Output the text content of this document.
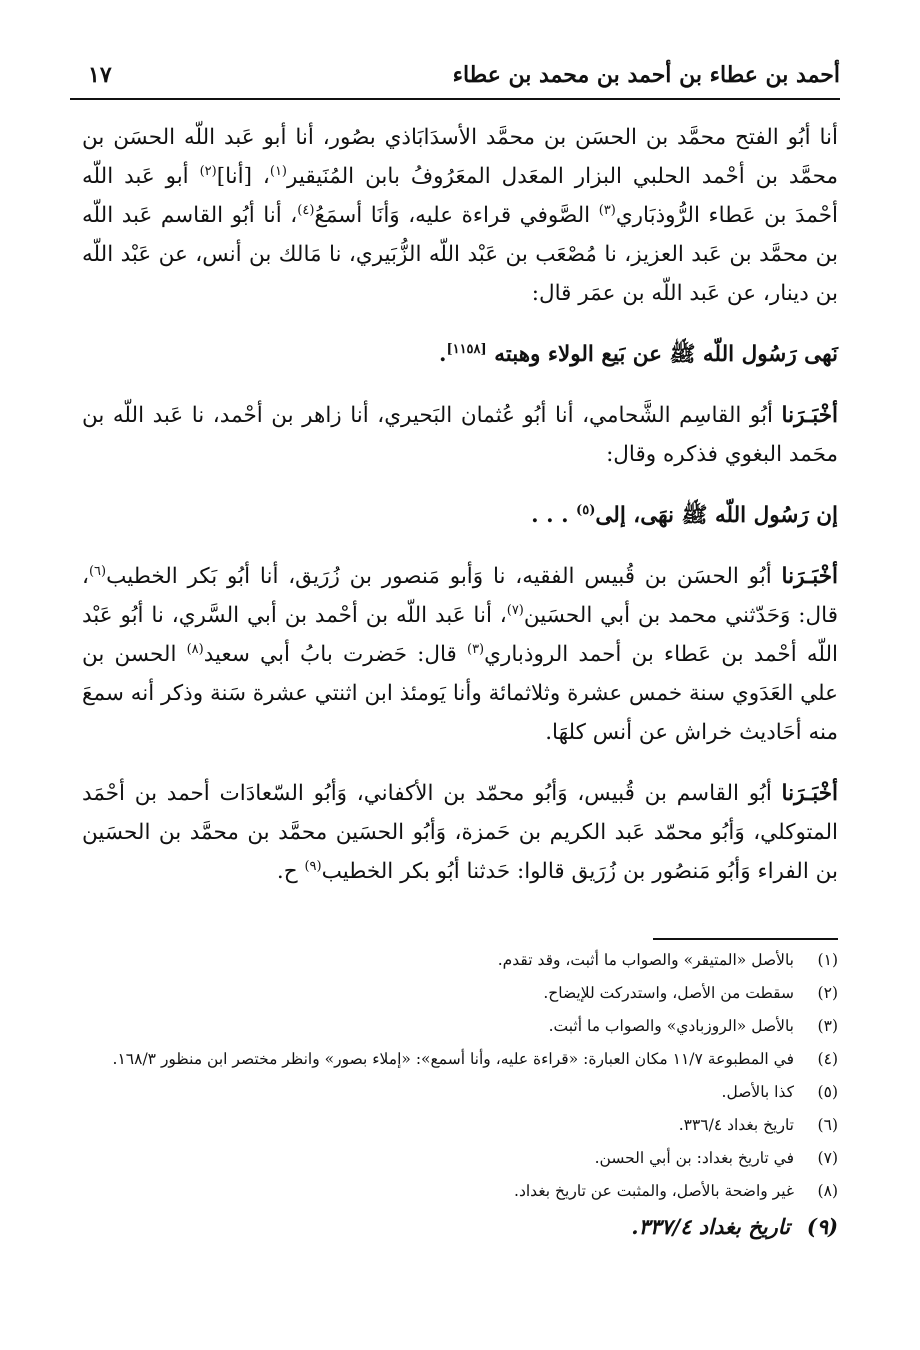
أحمد بن عطاء بن أحمد بن محمد بن عطاء
١٧

أنا أبُو الفتح محمَّد بن الحسَن بن محمَّد الأسدَابَاذي بصُور، أنا أبو عَبد اللّه الحسَن بن محمَّد بن أحْمد الحلبي البزار المعَدل المعَرُوفُ بابن المُنَيقير$^{(١)}$، [أنا]$^{(٢)}$ أبو عَبد اللّه أحْمدَ بن عَطاء الرُّوذبَاري$^{(٣)}$ الصَّوفي قراءة عليه، وَأنَا أسمَعُ$^{(٤)}$، أنا أبُو القاسم عَبد اللّه بن محمَّد بن عَبد العزيز، نا مُصْعَب بن عَبْد اللّه الزُّبَيري، نا مَالك بن أنس، عن عَبْد اللّه بن دينار، عن عَبد اللّه بن عمَر قال:

نَهى رَسُول اللّه ﷺ عن بَيع الولاء وهبته [١١٥٨].

أخْبَـرَنا أبُو القاسِم الشَّحامي، أنا أبُو عُثمان البَحيري، أنا زاهر بن أحْمد، نا عَبد اللّه بن محَمد البغوي فذكره وقال:

إن رَسُول اللّه ﷺ نهَى، إلى$^{(٥)}$ . . .

أخْبَـرَنا أبُو الحسَن بن قُبيس الفقيه، نا وَأبو مَنصور بن زُرَيق، أنا أبُو بَكر الخطيب$^{(٦)}$، قال: وَحَدّثني محمد بن أبي الحسَين$^{(٧)}$، أنا عَبد اللّه بن أحْمد بن أبي السَّري، نا أبُو عَبْد اللّه أحْمد بن عَطاء بن أحمد الروذباري$^{(٣)}$ قال: حَضرت بابُ أبي سعيد$^{(٨)}$ الحسن بن علي العَدَوي سنة خمس عشرة وثلاثمائة وأنا يَومئذ ابن اثنتي عشرة سَنة وذكر أنه سمعَ منه أحَاديث خراش عن أنس كلهَا.

أخْبَـرَنا أبُو القاسم بن قُبيس، وَأبُو محمّد بن الأكفاني، وَأبُو السّعادَات أحمد بن أحْمَد المتوكلي، وَأبُو محمّد عَبد الكريم بن حَمزة، وَأبُو الحسَين محمَّد بن محمَّد بن الحسَين بن الفراء وَأبُو مَنصُور بن زُرَيق قالوا: حَدثنا أبُو بكر الخطيب$^{(٩)}$ ح.

(١)
بالأصل «المتيقر» والصواب ما أثبت، وقد تقدم.
(٢)
سقطت من الأصل، واستدركت للإيضاح.
(٣)
بالأصل «الروزبادي» والصواب ما أثبت.
(٤)
في المطبوعة ١١/٧ مكان العبارة: «قراءة عليه، وأنا أسمع»: «إملاء بصور» وانظر مختصر ابن منظور ١٦٨/٣.
(٥)
كذا بالأصل.
(٦)
تاريخ بغداد ٣٣٦/٤.
(٧)
في تاريخ بغداد: بن أبي الحسن.
(٨)
غير واضحة بالأصل، والمثبت عن تاريخ بغداد.
(٩)
تاريخ بغداد ٣٣٧/٤.
